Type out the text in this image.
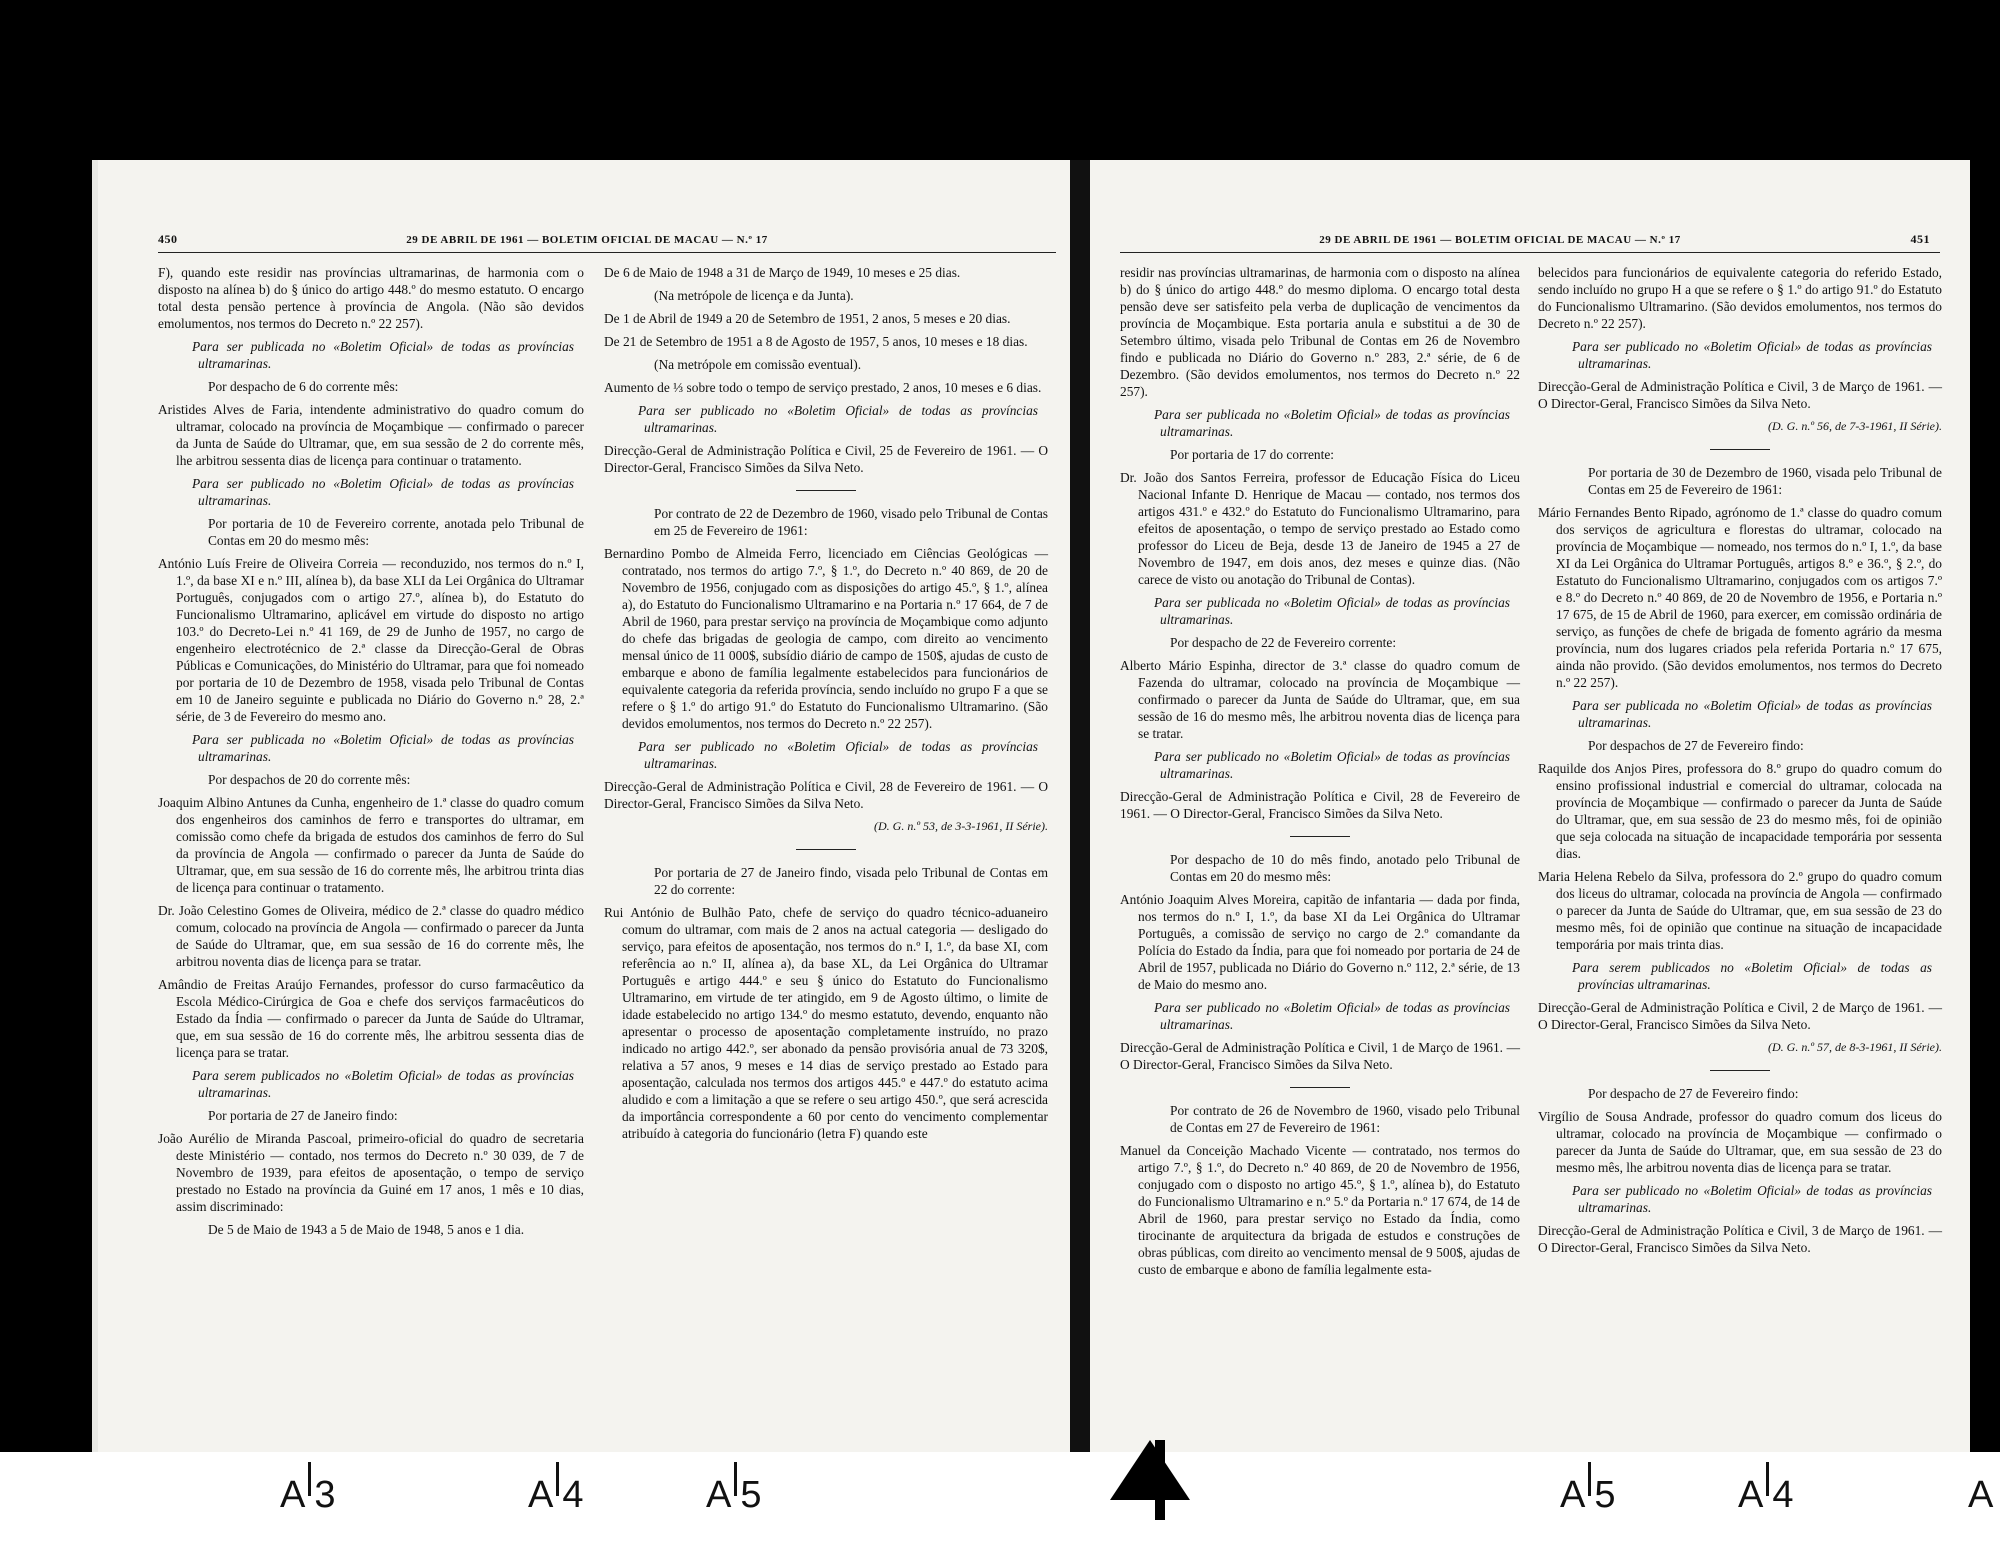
450	29 DE ABRIL DE 1961 — BOLETIM OFICIAL DE MACAU — N.º 17

F), quando este residir nas províncias ultramarinas, de harmonia com o disposto na alínea b) do § único do artigo 448.º do mesmo estatuto. O encargo total desta pensão pertence à província de Angola. (Não são devidos emolumentos, nos termos do Decreto n.º 22 257).

Para ser publicada no «Boletim Oficial» de todas as províncias ultramarinas.

Por despacho de 6 do corrente mês:

Aristides Alves de Faria, intendente administrativo do quadro comum do ultramar, colocado na província de Moçambique — confirmado o parecer da Junta de Saúde do Ultramar, que, em sua sessão de 2 do corrente mês, lhe arbitrou sessenta dias de licença para continuar o tratamento.

Para ser publicado no «Boletim Oficial» de todas as províncias ultramarinas.

Por portaria de 10 de Fevereiro corrente, anotada pelo Tribunal de Contas em 20 do mesmo mês:

António Luís Freire de Oliveira Correia — reconduzido, nos termos do n.º I, 1.º, da base XI e n.º III, alínea b), da base XLI da Lei Orgânica do Ultramar Português, conjugados com o artigo 27.º, alínea b), do Estatuto do Funcionalismo Ultramarino, aplicável em virtude do disposto no artigo 103.º do Decreto-Lei n.º 41 169, de 29 de Junho de 1957, no cargo de engenheiro electrotécnico de 2.ª classe da Direcção-Geral de Obras Públicas e Comunicações, do Ministério do Ultramar, para que foi nomeado por portaria de 10 de Dezembro de 1958, visada pelo Tribunal de Contas em 10 de Janeiro seguinte e publicada no Diário do Governo n.º 28, 2.ª série, de 3 de Fevereiro do mesmo ano.

Para ser publicada no «Boletim Oficial» de todas as províncias ultramarinas.

Por despachos de 20 do corrente mês:

Joaquim Albino Antunes da Cunha, engenheiro de 1.ª classe do quadro comum dos engenheiros dos caminhos de ferro e transportes do ultramar, em comissão como chefe da brigada de estudos dos caminhos de ferro do Sul da província de Angola — confirmado o parecer da Junta de Saúde do Ultramar, que, em sua sessão de 16 do corrente mês, lhe arbitrou trinta dias de licença para continuar o tratamento.

Dr. João Celestino Gomes de Oliveira, médico de 2.ª classe do quadro médico comum, colocado na província de Angola — confirmado o parecer da Junta de Saúde do Ultramar, que, em sua sessão de 16 do corrente mês, lhe arbitrou noventa dias de licença para se tratar.

Amândio de Freitas Araújo Fernandes, professor do curso farmacêutico da Escola Médico-Cirúrgica de Goa e chefe dos serviços farmacêuticos do Estado da Índia — confirmado o parecer da Junta de Saúde do Ultramar, que, em sua sessão de 16 do corrente mês, lhe arbitrou sessenta dias de licença para se tratar.

Para serem publicados no «Boletim Oficial» de todas as províncias ultramarinas.

Por portaria de 27 de Janeiro findo:

João Aurélio de Miranda Pascoal, primeiro-oficial do quadro de secretaria deste Ministério — contado, nos termos do Decreto n.º 30 039, de 7 de Novembro de 1939, para efeitos de aposentação, o tempo de serviço prestado no Estado na província da Guiné em 17 anos, 1 mês e 10 dias, assim discriminado:

De 5 de Maio de 1943 a 5 de Maio de 1948, 5 anos e 1 dia.

De 6 de Maio de 1948 a 31 de Março de 1949, 10 meses e 25 dias.

(Na metrópole de licença e da Junta).

De 1 de Abril de 1949 a 20 de Setembro de 1951, 2 anos, 5 meses e 20 dias.

De 21 de Setembro de 1951 a 8 de Agosto de 1957, 5 anos, 10 meses e 18 dias.

(Na metrópole em comissão eventual).

Aumento de ⅓ sobre todo o tempo de serviço prestado, 2 anos, 10 meses e 6 dias.

Para ser publicado no «Boletim Oficial» de todas as províncias ultramarinas.

Direcção-Geral de Administração Política e Civil, 25 de Fevereiro de 1961. — O Director-Geral, Francisco Simões da Silva Neto.

Por contrato de 22 de Dezembro de 1960, visado pelo Tribunal de Contas em 25 de Fevereiro de 1961:

Bernardino Pombo de Almeida Ferro, licenciado em Ciências Geológicas — contratado, nos termos do artigo 7.º, § 1.º, do Decreto n.º 40 869, de 20 de Novembro de 1956, conjugado com as disposições do artigo 45.º, § 1.º, alínea a), do Estatuto do Funcionalismo Ultramarino e na Portaria n.º 17 664, de 7 de Abril de 1960, para prestar serviço na província de Moçambique como adjunto do chefe das brigadas de geologia de campo, com direito ao vencimento mensal único de 11 000$, subsídio diário de campo de 150$, ajudas de custo de embarque e abono de família legalmente estabelecidos para funcionários de equivalente categoria da referida província, sendo incluído no grupo F a que se refere o § 1.º do artigo 91.º do Estatuto do Funcionalismo Ultramarino. (São devidos emolumentos, nos termos do Decreto n.º 22 257).

Para ser publicado no «Boletim Oficial» de todas as províncias ultramarinas.

Direcção-Geral de Administração Política e Civil, 28 de Fevereiro de 1961. — O Director-Geral, Francisco Simões da Silva Neto.

(D. G. n.º 53, de 3-3-1961, II Série).

Por portaria de 27 de Janeiro findo, visada pelo Tribunal de Contas em 22 do corrente:

Rui António de Bulhão Pato, chefe de serviço do quadro técnico-aduaneiro comum do ultramar, com mais de 2 anos na actual categoria — desligado do serviço, para efeitos de aposentação, nos termos do n.º I, 1.º, da base XI, com referência ao n.º II, alínea a), da base XL, da Lei Orgânica do Ultramar Português e artigo 444.º e seu § único do Estatuto do Funcionalismo Ultramarino, em virtude de ter atingido, em 9 de Agosto último, o limite de idade estabelecido no artigo 134.º do mesmo estatuto, devendo, enquanto não apresentar o processo de aposentação completamente instruído, no prazo indicado no artigo 442.º, ser abonado da pensão provisória anual de 73 320$, relativa a 57 anos, 9 meses e 14 dias de serviço prestado ao Estado para aposentação, calculada nos termos dos artigos 445.º e 447.º do estatuto acima aludido e com a limitação a que se refere o seu artigo 450.º, que será acrescida da importância correspondente a 60 por cento do vencimento complementar atribuído à categoria do funcionário (letra F) quando este

29 DE ABRIL DE 1961 — BOLETIM OFICIAL DE MACAU — N.º 17	451

residir nas províncias ultramarinas, de harmonia com o disposto na alínea b) do § único do artigo 448.º do mesmo diploma. O encargo total desta pensão deve ser satisfeito pela verba de duplicação de vencimentos da província de Moçambique. Esta portaria anula e substitui a de 30 de Setembro último, visada pelo Tribunal de Contas em 26 de Novembro findo e publicada no Diário do Governo n.º 283, 2.ª série, de 6 de Dezembro. (São devidos emolumentos, nos termos do Decreto n.º 22 257).

Para ser publicada no «Boletim Oficial» de todas as províncias ultramarinas.

Por portaria de 17 do corrente:

Dr. João dos Santos Ferreira, professor de Educação Física do Liceu Nacional Infante D. Henrique de Macau — contado, nos termos dos artigos 431.º e 432.º do Estatuto do Funcionalismo Ultramarino, para efeitos de aposentação, o tempo de serviço prestado ao Estado como professor do Liceu de Beja, desde 13 de Janeiro de 1945 a 27 de Novembro de 1947, em dois anos, dez meses e quinze dias. (Não carece de visto ou anotação do Tribunal de Contas).

Para ser publicada no «Boletim Oficial» de todas as províncias ultramarinas.

Por despacho de 22 de Fevereiro corrente:

Alberto Mário Espinha, director de 3.ª classe do quadro comum de Fazenda do ultramar, colocado na província de Moçambique — confirmado o parecer da Junta de Saúde do Ultramar, que, em sua sessão de 16 do mesmo mês, lhe arbitrou noventa dias de licença para se tratar.

Para ser publicado no «Boletim Oficial» de todas as províncias ultramarinas.

Direcção-Geral de Administração Política e Civil, 28 de Fevereiro de 1961. — O Director-Geral, Francisco Simões da Silva Neto.

Por despacho de 10 do mês findo, anotado pelo Tribunal de Contas em 20 do mesmo mês:

António Joaquim Alves Moreira, capitão de infantaria — dada por finda, nos termos do n.º I, 1.º, da base XI da Lei Orgânica do Ultramar Português, a comissão de serviço no cargo de 2.º comandante da Polícia do Estado da Índia, para que foi nomeado por portaria de 24 de Abril de 1957, publicada no Diário do Governo n.º 112, 2.ª série, de 13 de Maio do mesmo ano.

Para ser publicado no «Boletim Oficial» de todas as províncias ultramarinas.

Direcção-Geral de Administração Política e Civil, 1 de Março de 1961. — O Director-Geral, Francisco Simões da Silva Neto.

Por contrato de 26 de Novembro de 1960, visado pelo Tribunal de Contas em 27 de Fevereiro de 1961:

Manuel da Conceição Machado Vicente — contratado, nos termos do artigo 7.º, § 1.º, do Decreto n.º 40 869, de 20 de Novembro de 1956, conjugado com o disposto no artigo 45.º, § 1.º, alínea b), do Estatuto do Funcionalismo Ultramarino e n.º 5.º da Portaria n.º 17 674, de 14 de Abril de 1960, para prestar serviço no Estado da Índia, como tirocinante de arquitectura da brigada de estudos e construções de obras públicas, com direito ao vencimento mensal de 9 500$, ajudas de custo de embarque e abono de família legalmente esta-

belecidos para funcionários de equivalente categoria do referido Estado, sendo incluído no grupo H a que se refere o § 1.º do artigo 91.º do Estatuto do Funcionalismo Ultramarino. (São devidos emolumentos, nos termos do Decreto n.º 22 257).

Para ser publicado no «Boletim Oficial» de todas as províncias ultramarinas.

Direcção-Geral de Administração Política e Civil, 3 de Março de 1961. — O Director-Geral, Francisco Simões da Silva Neto.

(D. G. n.º 56, de 7-3-1961, II Série).

Por portaria de 30 de Dezembro de 1960, visada pelo Tribunal de Contas em 25 de Fevereiro de 1961:

Mário Fernandes Bento Ripado, agrónomo de 1.ª classe do quadro comum dos serviços de agricultura e florestas do ultramar, colocado na província de Moçambique — nomeado, nos termos do n.º I, 1.º, da base XI da Lei Orgânica do Ultramar Português, artigos 8.º e 36.º, § 2.º, do Estatuto do Funcionalismo Ultramarino, conjugados com os artigos 7.º e 8.º do Decreto n.º 40 869, de 20 de Novembro de 1956, e Portaria n.º 17 675, de 15 de Abril de 1960, para exercer, em comissão ordinária de serviço, as funções de chefe de brigada de fomento agrário da mesma província, num dos lugares criados pela referida Portaria n.º 17 675, ainda não provido. (São devidos emolumentos, nos termos do Decreto n.º 22 257).

Para ser publicada no «Boletim Oficial» de todas as províncias ultramarinas.

Por despachos de 27 de Fevereiro findo:

Raquilde dos Anjos Pires, professora do 8.º grupo do quadro comum do ensino profissional industrial e comercial do ultramar, colocada na província de Moçambique — confirmado o parecer da Junta de Saúde do Ultramar, que, em sua sessão de 23 do mesmo mês, foi de opinião que seja colocada na situação de incapacidade temporária por sessenta dias.

Maria Helena Rebelo da Silva, professora do 2.º grupo do quadro comum dos liceus do ultramar, colocada na província de Angola — confirmado o parecer da Junta de Saúde do Ultramar, que, em sua sessão de 23 do mesmo mês, foi de opinião que continue na situação de incapacidade temporária por mais trinta dias.

Para serem publicados no «Boletim Oficial» de todas as províncias ultramarinas.

Direcção-Geral de Administração Política e Civil, 2 de Março de 1961. — O Director-Geral, Francisco Simões da Silva Neto.

(D. G. n.º 57, de 8-3-1961, II Série).

Por despacho de 27 de Fevereiro findo:

Virgílio de Sousa Andrade, professor do quadro comum dos liceus do ultramar, colocado na província de Moçambique — confirmado o parecer da Junta de Saúde do Ultramar, que, em sua sessão de 23 do mesmo mês, lhe arbitrou noventa dias de licença para se tratar.

Para ser publicado no «Boletim Oficial» de todas as províncias ultramarinas.

Direcção-Geral de Administração Política e Civil, 3 de Março de 1961. — O Director-Geral, Francisco Simões da Silva Neto.

A 3	A 4	A 5	A 5	A 4	A
